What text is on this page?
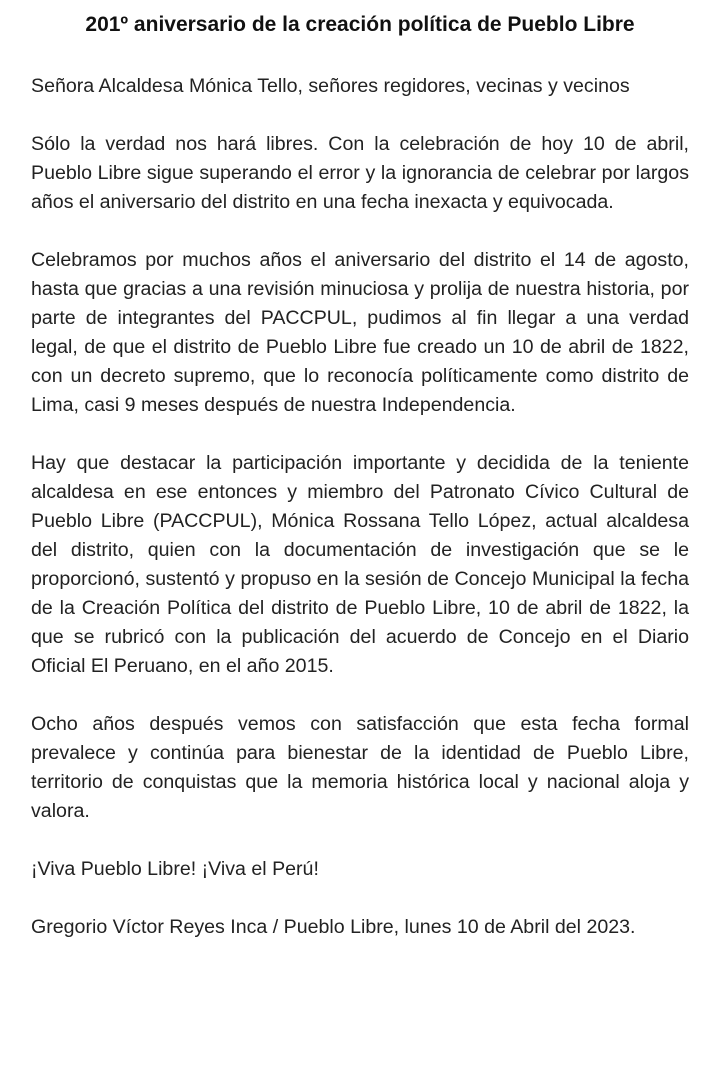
201º aniversario de la creación política de Pueblo Libre

Señora Alcaldesa Mónica Tello, señores regidores, vecinas y vecinos

Sólo la verdad nos hará libres. Con la celebración de hoy 10 de abril, Pueblo Libre sigue superando el error y la ignorancia de celebrar por largos años el aniversario del distrito en una fecha inexacta y equivocada.

Celebramos por muchos años el aniversario del distrito el 14 de agosto, hasta que gracias a una revisión minuciosa y prolija de nuestra historia, por parte de integrantes del PACCPUL, pudimos al fin llegar a una verdad legal, de que el distrito de Pueblo Libre fue creado un 10 de abril de 1822, con un decreto supremo, que lo reconocía políticamente como distrito de Lima, casi 9 meses después de nuestra Independencia.

Hay que destacar la participación importante y decidida de la teniente alcaldesa en ese entonces y miembro del Patronato Cívico Cultural de Pueblo Libre (PACCPUL), Mónica Rossana Tello López, actual alcaldesa del distrito, quien con la documentación de investigación que se le proporcionó, sustentó y propuso en la sesión de Concejo Municipal la fecha de la Creación Política del distrito de Pueblo Libre, 10 de abril de 1822, la que se rubricó con la publicación del acuerdo de Concejo en el Diario Oficial El Peruano, en el año 2015.

Ocho años después vemos con satisfacción que esta fecha formal prevalece y continúa para bienestar de la identidad de Pueblo Libre, territorio de conquistas que la memoria histórica local y nacional aloja y valora.

¡Viva Pueblo Libre! ¡Viva el Perú!

Gregorio Víctor Reyes Inca / Pueblo Libre, lunes 10 de Abril del 2023.
